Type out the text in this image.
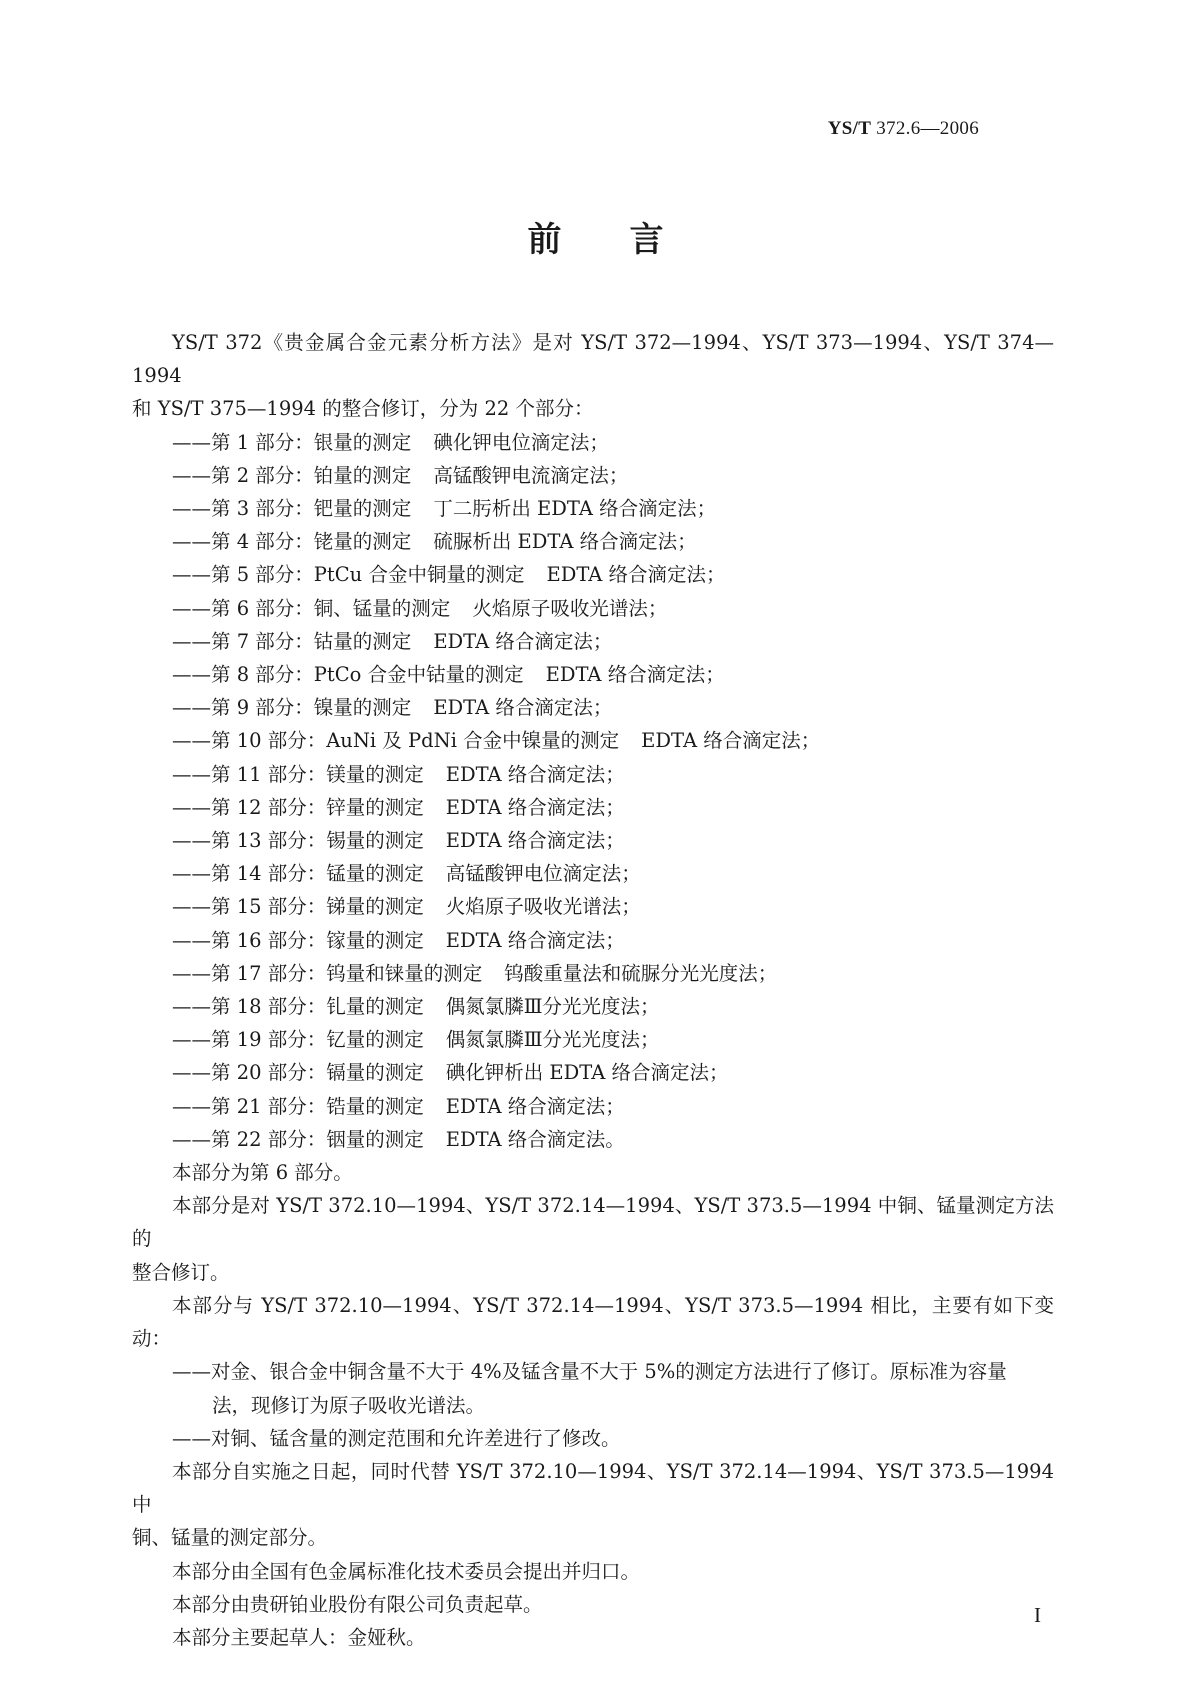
YS/T 372.6—2006
前 言

YS/T 372《贵金属合金元素分析方法》是对 YS/T 372—1994、YS/T 373—1994、YS/T 374—1994

和 YS/T 375—1994 的整合修订，分为 22 个部分：

——第 1 部分：银量的测定 碘化钾电位滴定法；
——第 2 部分：铂量的测定 高锰酸钾电流滴定法；
——第 3 部分：钯量的测定 丁二肟析出 EDTA 络合滴定法；
——第 4 部分：铑量的测定 硫脲析出 EDTA 络合滴定法；
——第 5 部分：PtCu 合金中铜量的测定 EDTA 络合滴定法；
——第 6 部分：铜、锰量的测定 火焰原子吸收光谱法；
——第 7 部分：钴量的测定 EDTA 络合滴定法；
——第 8 部分：PtCo 合金中钴量的测定 EDTA 络合滴定法；
——第 9 部分：镍量的测定 EDTA 络合滴定法；
——第 10 部分：AuNi 及 PdNi 合金中镍量的测定 EDTA 络合滴定法；
——第 11 部分：镁量的测定 EDTA 络合滴定法；
——第 12 部分：锌量的测定 EDTA 络合滴定法；
——第 13 部分：锡量的测定 EDTA 络合滴定法；
——第 14 部分：锰量的测定 高锰酸钾电位滴定法；
——第 15 部分：锑量的测定 火焰原子吸收光谱法；
——第 16 部分：镓量的测定 EDTA 络合滴定法；
——第 17 部分：钨量和铼量的测定 钨酸重量法和硫脲分光光度法；
——第 18 部分：钆量的测定 偶氮氯膦Ⅲ分光光度法；
——第 19 部分：钇量的测定 偶氮氯膦Ⅲ分光光度法；
——第 20 部分：镉量的测定 碘化钾析出 EDTA 络合滴定法；
——第 21 部分：锆量的测定 EDTA 络合滴定法；
——第 22 部分：铟量的测定 EDTA 络合滴定法。

本部分为第 6 部分。

本部分是对 YS/T 372.10—1994、YS/T 372.14—1994、YS/T 373.5—1994 中铜、锰量测定方法的

整合修订。

本部分与 YS/T 372.10—1994、YS/T 372.14—1994、YS/T 373.5—1994 相比，主要有如下变动：

——对金、银合金中铜含量不大于 4%及锰含量不大于 5%的测定方法进行了修订。原标准为容量
法，现修订为原子吸收光谱法。
——对铜、锰含量的测定范围和允许差进行了修改。

本部分自实施之日起，同时代替 YS/T 372.10—1994、YS/T 372.14—1994、YS/T 373.5—1994 中

铜、锰量的测定部分。

本部分由全国有色金属标准化技术委员会提出并归口。

本部分由贵研铂业股份有限公司负责起草。

本部分主要起草人：金娅秋。

I
